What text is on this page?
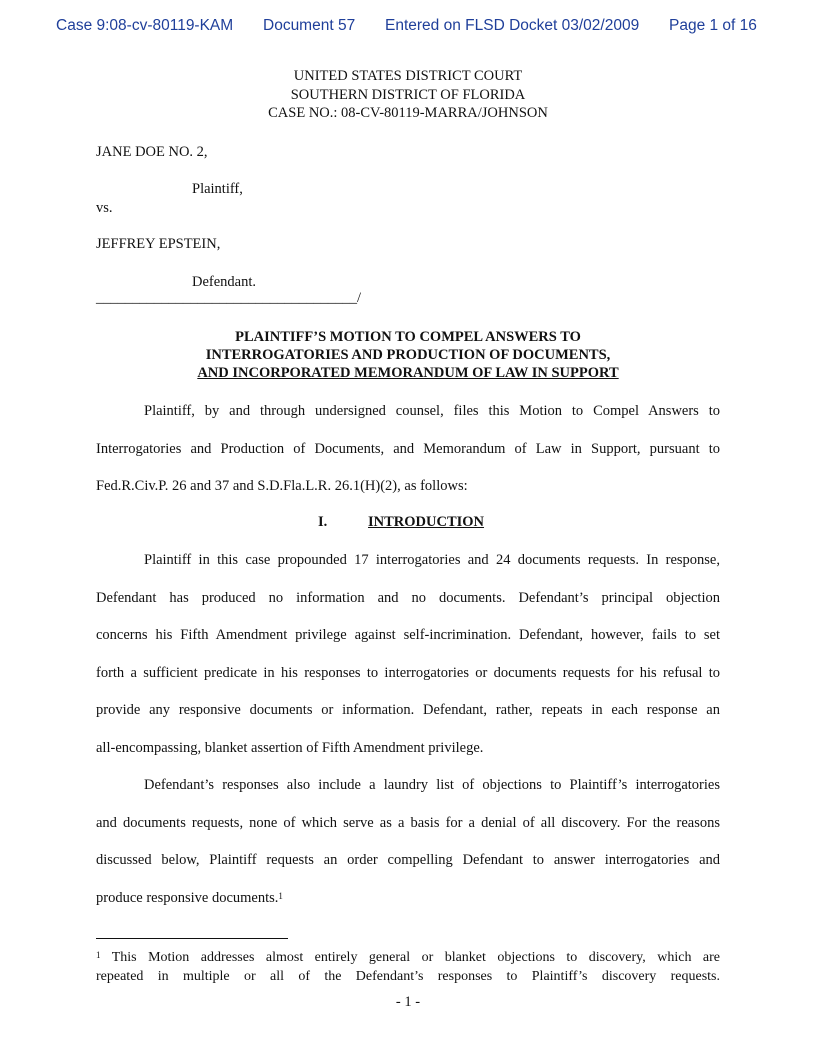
Case 9:08-cv-80119-KAM Document 57 Entered on FLSD Docket 03/02/2009 Page 1 of 16
UNITED STATES DISTRICT COURT
SOUTHERN DISTRICT OF FLORIDA
CASE NO.: 08-CV-80119-MARRA/JOHNSON
JANE DOE NO. 2,
Plaintiff,
vs.
JEFFREY EPSTEIN,
Defendant.
____________________________________/
PLAINTIFF’S MOTION TO COMPEL ANSWERS TO
INTERROGATORIES AND PRODUCTION OF DOCUMENTS,
AND INCORPORATED MEMORANDUM OF LAW IN SUPPORT
Plaintiff, by and through undersigned counsel, files this Motion to Compel Answers to
Interrogatories and Production of Documents, and Memorandum of Law in Support, pursuant to
Fed.R.Civ.P. 26 and 37 and S.D.Fla.L.R. 26.1(H)(2), as follows:
I.	INTRODUCTION
Plaintiff in this case propounded 17 interrogatories and 24 documents requests. In response,
Defendant has produced no information and no documents. Defendant’s principal objection
concerns his Fifth Amendment privilege against self-incrimination. Defendant, however, fails to set
forth a sufficient predicate in his responses to interrogatories or documents requests for his refusal to
provide any responsive documents or information. Defendant, rather, repeats in each response an
all-encompassing, blanket assertion of Fifth Amendment privilege.
Defendant’s responses also include a laundry list of objections to Plaintiff’s interrogatories
and documents requests, none of which serve as a basis for a denial of all discovery. For the reasons
discussed below, Plaintiff requests an order compelling Defendant to answer interrogatories and
produce responsive documents.$^1$
$^1$ This Motion addresses almost entirely general or blanket objections to discovery, which are
repeated in multiple or all of the Defendant’s responses to Plaintiff’s discovery requests.
- 1 -
